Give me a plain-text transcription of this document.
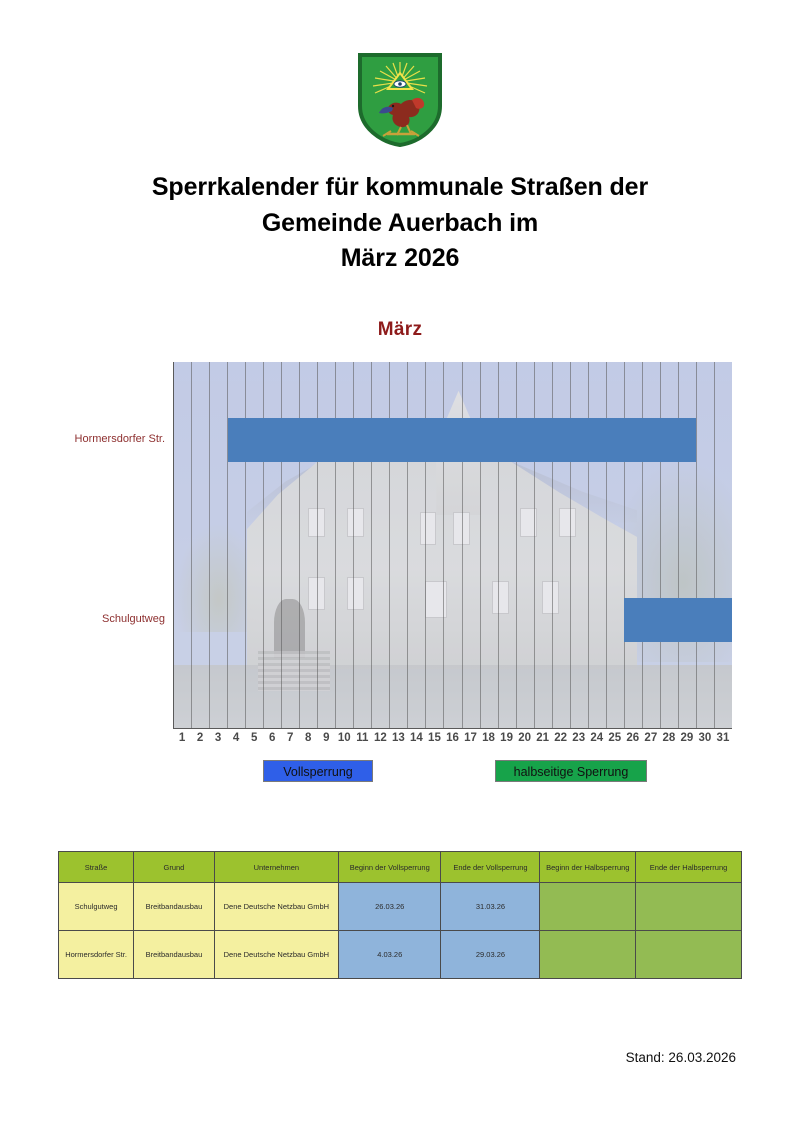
Sperrkalender für kommunale Straßen der
Gemeinde Auerbach im
März 2026
März
Hormersdorfer Str.
Schulgutweg
1	2	3	4	5	6	7	8	9 10 11 12 13 14 15 16 17 18 19 20 21 22 23 24 25 26 27 28 29 30 31
Vollsperrung	halbseitige Sperrung
Straße	Grund	Unternehmen	Beginn der Vollsperrung	Ende der Vollsperrung	Beginn der Halbsperrung	Ende der Halbsperrung
Schulgutweg	Breitbandausbau	Dene Deutsche Netzbau GmbH	26.03.26	31.03.26		
Hormersdorfer Str.	Breitbandausbau	Dene Deutsche Netzbau GmbH	4.03.26	29.03.26		
Stand: 26.03.2026
